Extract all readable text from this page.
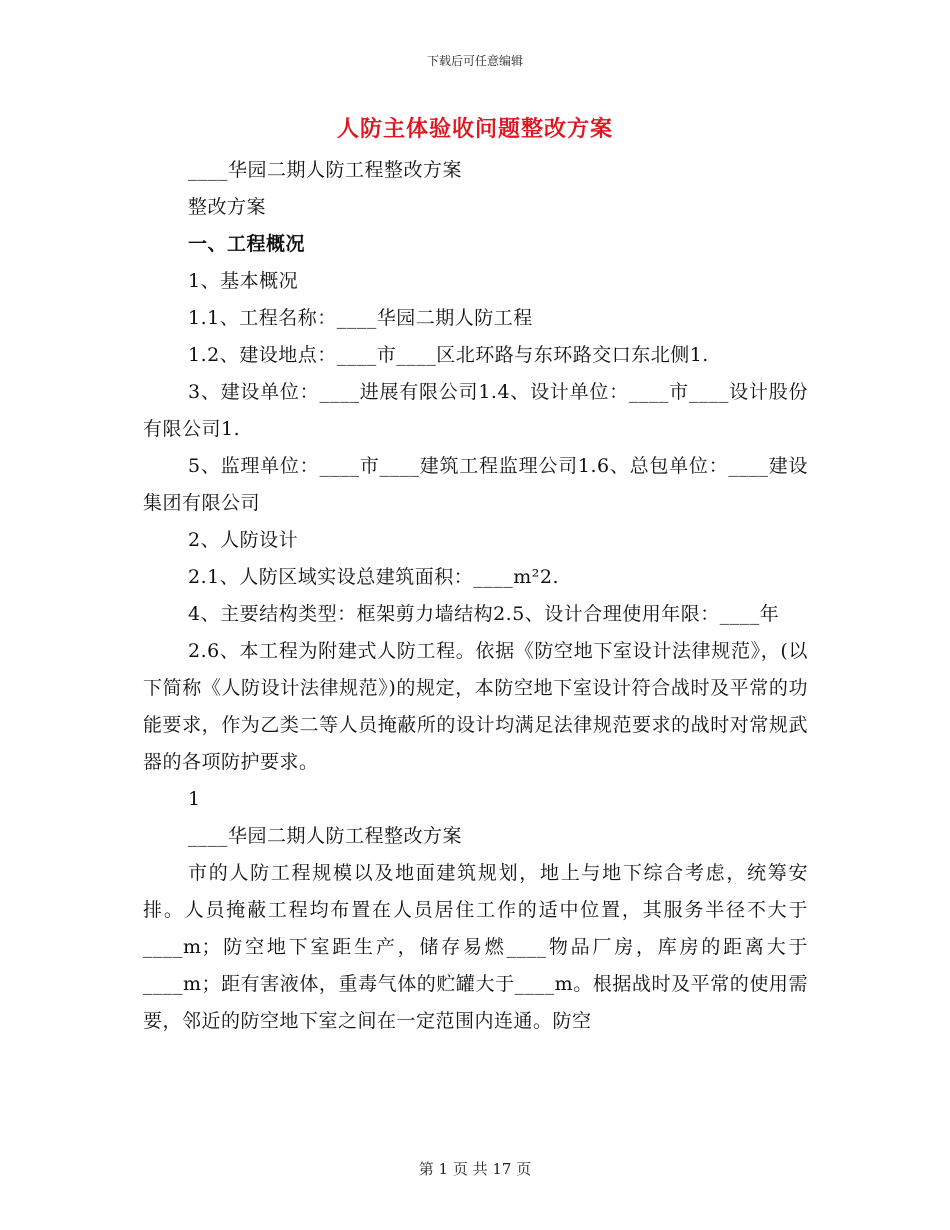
下载后可任意编辑
人防主体验收问题整改方案

____华园二期人防工程整改方案

整改方案

一、工程概况

1、基本概况

1.1、工程名称：____华园二期人防工程

1.2、建设地点：____市____区北环路与东环路交口东北侧1.

3、建设单位：____进展有限公司1.4、设计单位：____市____设计股份有限公司1.

5、监理单位：____市____建筑工程监理公司1.6、总包单位：____建设集团有限公司

2、人防设计

2.1、人防区域实设总建筑面积：____m²2.

4、主要结构类型：框架剪力墙结构2.5、设计合理使用年限：____年

2.6、本工程为附建式人防工程。依据《防空地下室设计法律规范》，(以下简称《人防设计法律规范》)的规定，本防空地下室设计符合战时及平常的功能要求，作为乙类二等人员掩蔽所的设计均满足法律规范要求的战时对常规武器的各项防护要求。

1

____华园二期人防工程整改方案

市的人防工程规模以及地面建筑规划，地上与地下综合考虑，统筹安排。人员掩蔽工程均布置在人员居住工作的适中位置，其服务半径不大于____m；防空地下室距生产，储存易燃____物品厂房，库房的距离大于____m；距有害液体，重毒气体的贮罐大于____m。根据战时及平常的使用需要，邻近的防空地下室之间在一定范围内连通。防空

第 1 页 共 17 页
